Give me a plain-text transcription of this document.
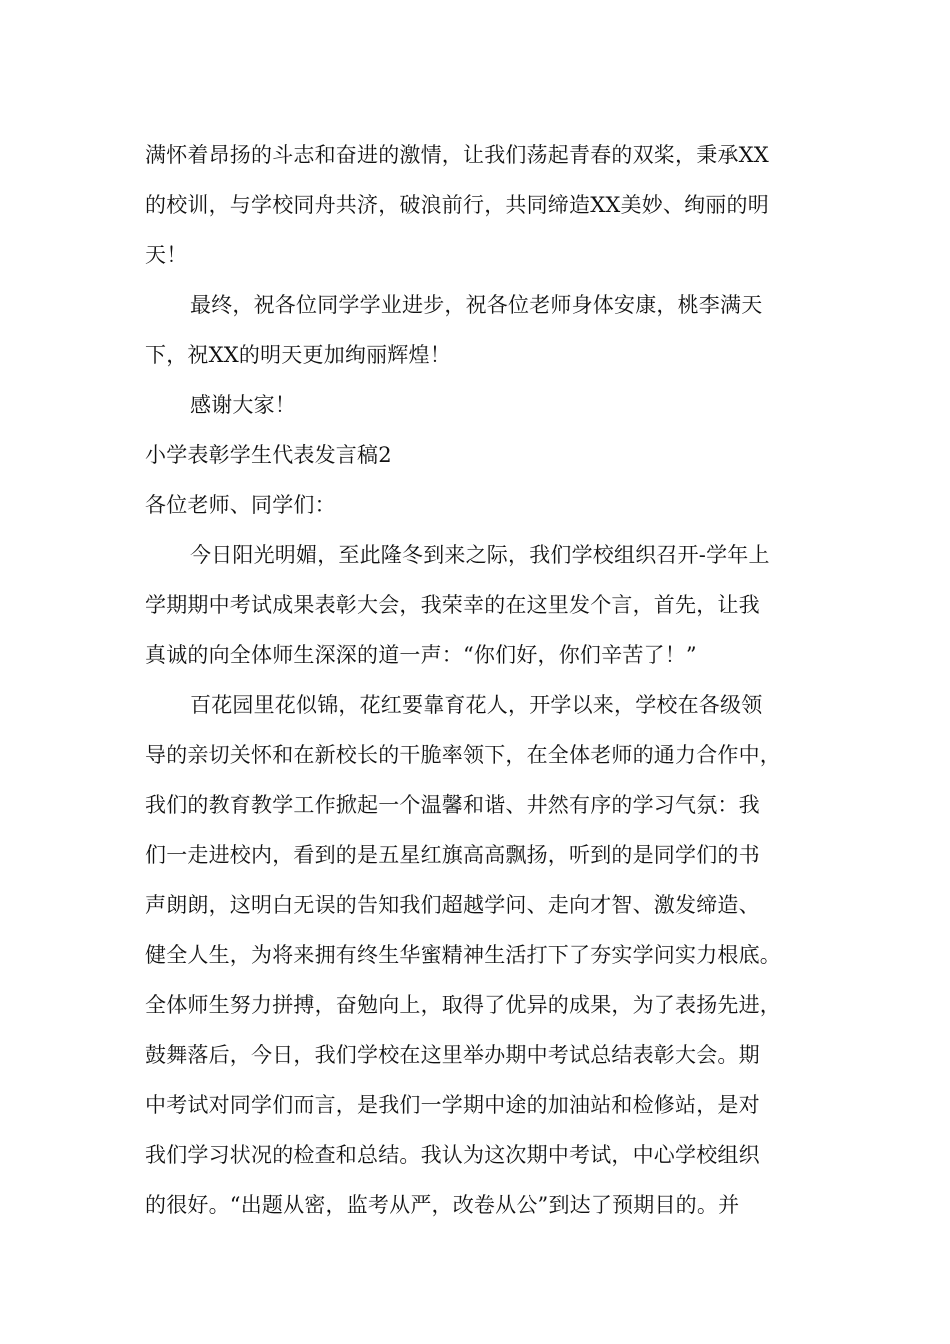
满怀着昂扬的斗志和奋进的激情，让我们荡起青春的双桨，秉承XX
的校训，与学校同舟共济，破浪前行，共同缔造XX美妙、绚丽的明
天！
最终，祝各位同学学业进步，祝各位老师身体安康，桃李满天
下，祝XX的明天更加绚丽辉煌！
感谢大家！
小学表彰学生代表发言稿2
各位老师、同学们：
今日阳光明媚，至此隆冬到来之际，我们学校组织召开-学年上
学期期中考试成果表彰大会，我荣幸的在这里发个言，首先，让我
真诚的向全体师生深深的道一声：“你们好，你们辛苦了！”
百花园里花似锦，花红要靠育花人，开学以来，学校在各级领
导的亲切关怀和在新校长的干脆率领下，在全体老师的通力合作中，
我们的教育教学工作掀起一个温馨和谐、井然有序的学习气氛：我
们一走进校内，看到的是五星红旗高高飘扬，听到的是同学们的书
声朗朗，这明白无误的告知我们超越学问、走向才智、激发缔造、
健全人生，为将来拥有终生华蜜精神生活打下了夯实学问实力根底。
全体师生努力拼搏，奋勉向上，取得了优异的成果，为了表扬先进，
鼓舞落后，今日，我们学校在这里举办期中考试总结表彰大会。期
中考试对同学们而言，是我们一学期中途的加油站和检修站，是对
我们学习状况的检查和总结。我认为这次期中考试，中心学校组织
的很好。“出题从密，监考从严，改卷从公”到达了预期目的。并
